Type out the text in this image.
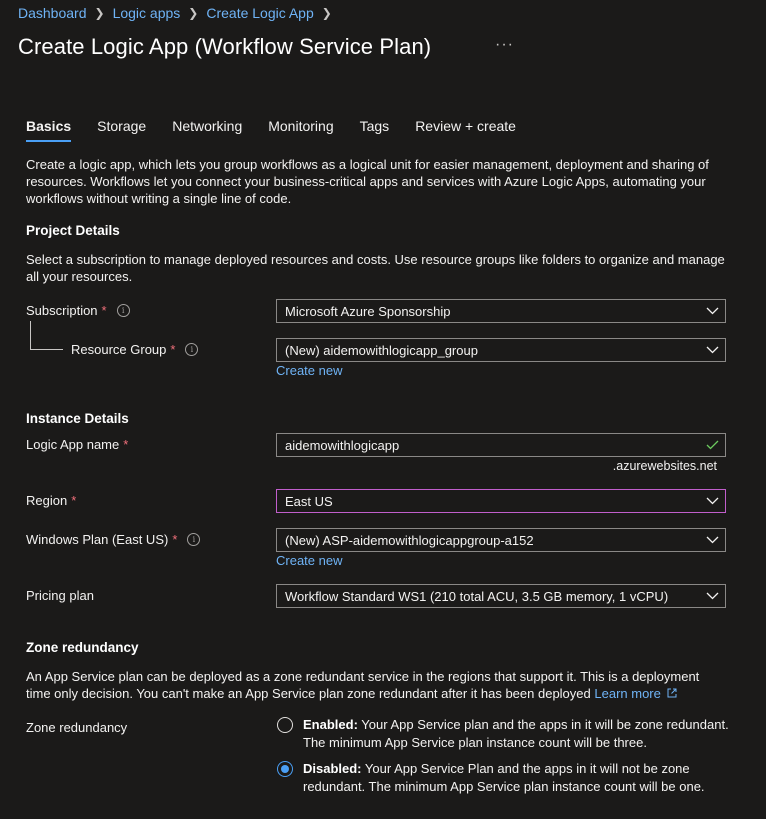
Dashboard ❯ Logic apps ❯ Create Logic App ❯
Create Logic App (Workflow Service Plan)	···
Basics Storage Networking Monitoring Tags Review + create
Create a logic app, which lets you group workflows as a logical unit for easier management, deployment and sharing of resources. Workflows let you connect your business-critical apps and services with Azure Logic Apps, automating your workflows without writing a single line of code.
Project Details
Select a subscription to manage deployed resources and costs. Use resource groups like folders to organize and manage all your resources.
Subscription *	i	Microsoft Azure Sponsorship
Resource Group *	i	(New) aidemowithlogicapp_group
Create new
Instance Details
Logic App name *	aidemowithlogicapp
.azurewebsites.net
Region *	East US
Windows Plan (East US) *	i	(New) ASP-aidemowithlogicappgroup-a152
Create new
Pricing plan	Workflow Standard WS1 (210 total ACU, 3.5 GB memory, 1 vCPU)
Zone redundancy
An App Service plan can be deployed as a zone redundant service in the regions that support it. This is a deployment time only decision. You can't make an App Service plan zone redundant after it has been deployed Learn more
Zone redundancy	Enabled: Your App Service plan and the apps in it will be zone redundant. The minimum App Service plan instance count will be three.
Disabled: Your App Service Plan and the apps in it will not be zone redundant. The minimum App Service plan instance count will be one.
